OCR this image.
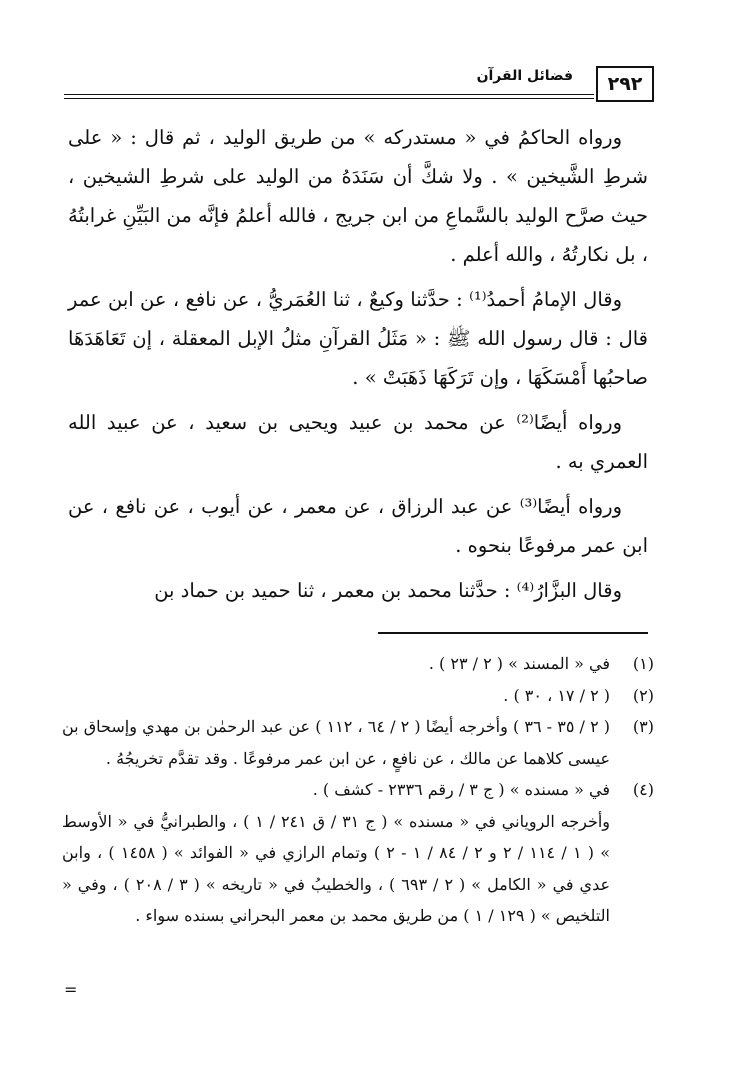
٢٩٢
فضائل القرآن

ورواه الحاكمُ في « مستدركه » من طريق الوليد ، ثم قال : « على شرطِ الشَّيخين » . ولا شكَّ أن سَنَدَهُ من الوليد على شرطِ الشيخين ، حيث صرَّح الوليد بالسَّماعِ من ابن جريج ، فالله أعلمُ فإنَّه من البَيِّنِ غرابتُهُ ، بل نكارتُهُ ، والله أعلم .

وقال الإمامُ أحمدُ⁽¹⁾ : حدَّثنا وكيعٌ ، ثنا العُمَريُّ ، عن نافع ، عن ابن عمر قال : قال رسول الله ﷺ : « مَثَلُ القرآنِ مثلُ الإبل المعقلة ، إن تَعَاهَدَهَا صاحبُها أَمْسَكَهَا ، وإن تَرَكَهَا ذَهَبَتْ » .

ورواه أيضًا⁽²⁾ عن محمد بن عبيد ويحيى بن سعيد ، عن عبيد الله العمري به .

ورواه أيضًا⁽³⁾ عن عبد الرزاق ، عن معمر ، عن أيوب ، عن نافع ، عن ابن عمر مرفوعًا بنحوه .

وقال البزَّارُ⁽⁴⁾ : حدَّثنا محمد بن معمر ، ثنا حميد بن حماد بن

(١)
في « المسند » ( ٢ / ٢٣ ) .
(٢)
( ٢ / ١٧ ، ٣٠ ) .
(٣)
( ٢ / ٣٥ - ٣٦ ) وأخرجه أيضًا ( ٢ / ٦٤ ، ١١٢ ) عن عبد الرحمٰن بن مهدي وإسحاق بن عيسى كلاهما عن مالك ، عن نافعٍ ، عن ابن عمر مرفوعًا . وقد تقدَّم تخريجُهُ .
(٤)
في « مسنده » ( ج ٣ / رقم ٢٣٣٦ - كشف ) .
وأخرجه الروياني في « مسنده » ( ج ٣١ / ق ٢٤١ / ١ ) ، والطبرانيُّ في « الأوسط » ( ١ / ١١٤ / ٢ و ٢ / ٨٤ / ١ - ٢ ) وتمام الرازي في « الفوائد » ( ١٤٥٨ ) ، وابن عدي في « الكامل » ( ٢ / ٦٩٣ ) ، والخطيبُ في « تاريخه » ( ٣ / ٢٠٨ ) ، وفي « التلخيص » ( ١٢٩ / ١ ) من طريق محمد بن معمر البحراني بسنده سواء .
=
